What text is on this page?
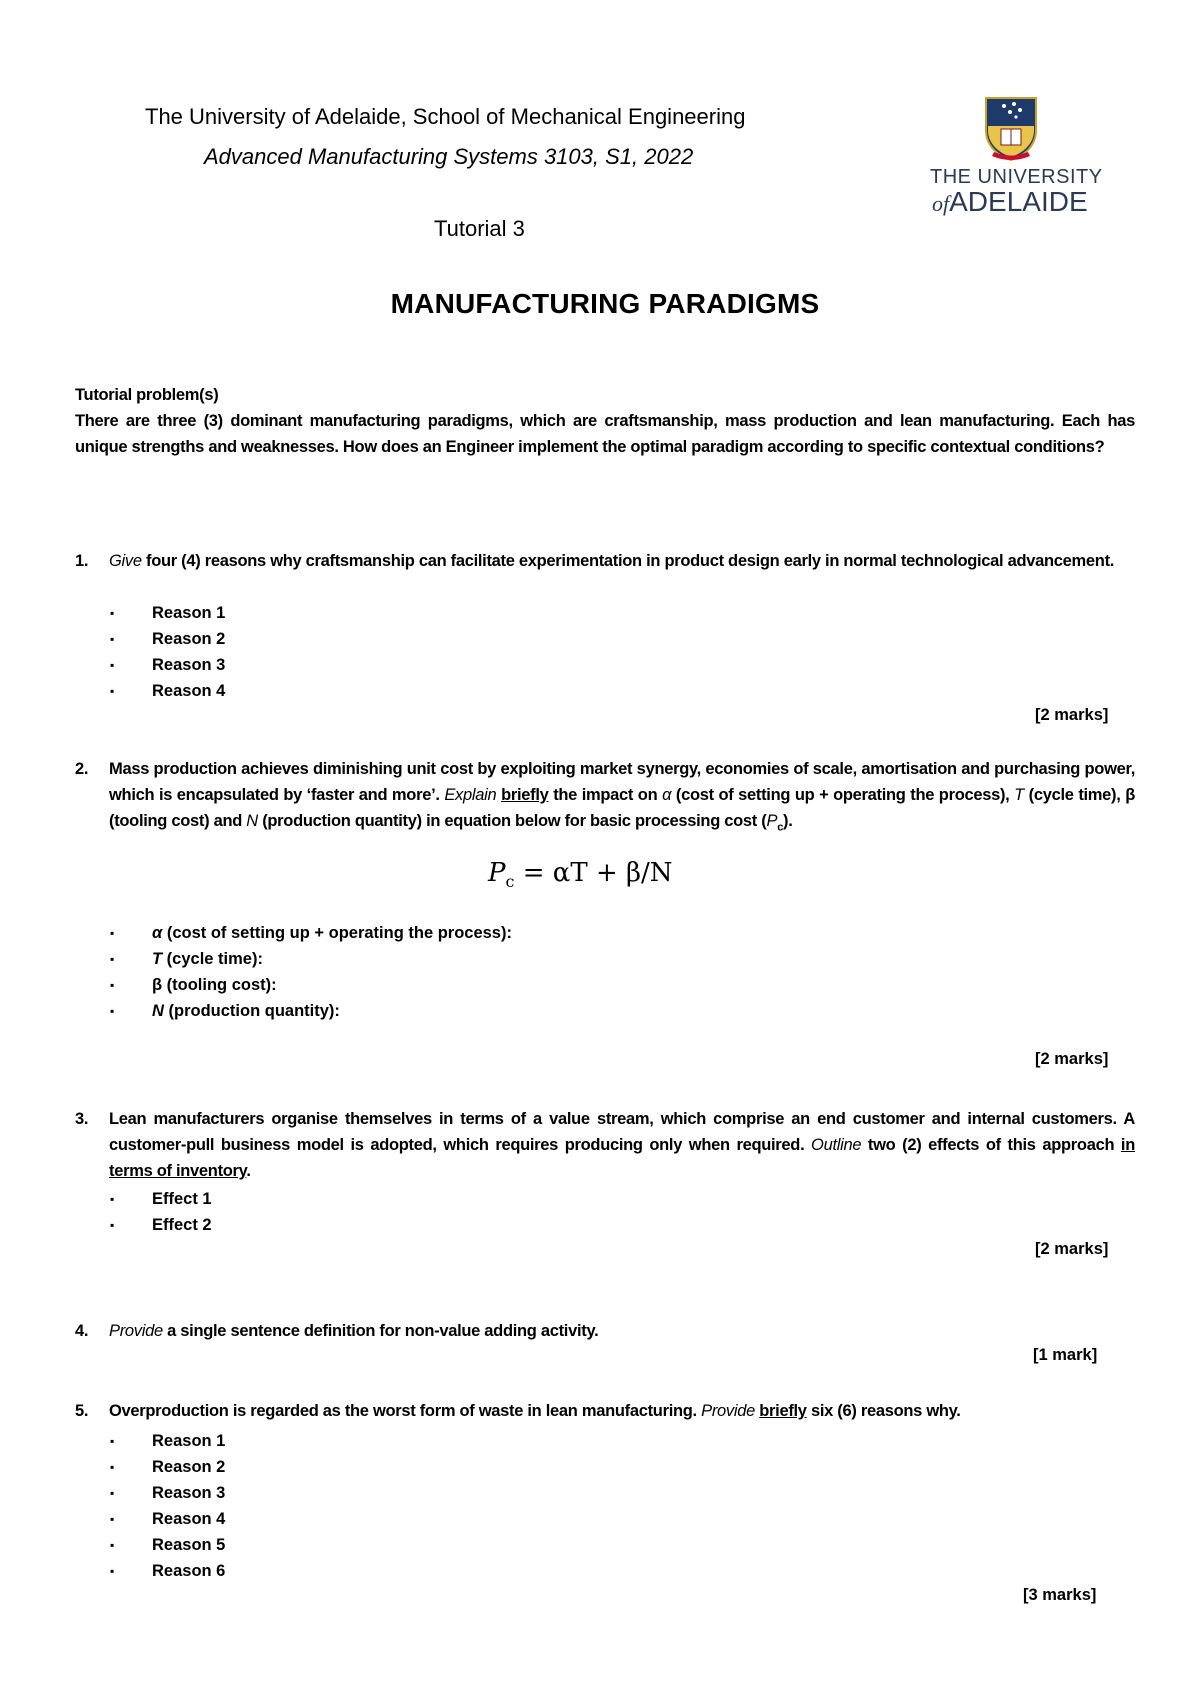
The University of Adelaide, School of Mechanical Engineering
Advanced Manufacturing Systems 3103, S1, 2022
Tutorial 3
THE UNIVERSITY
ofADELAIDE
MANUFACTURING PARADIGMS
Tutorial problem(s)
There are three (3) dominant manufacturing paradigms, which are craftsmanship, mass production and lean manufacturing. Each has unique strengths and weaknesses. How does an Engineer implement the optimal paradigm according to specific contextual conditions?
1. Give four (4) reasons why craftsmanship can facilitate experimentation in product design early in normal technological advancement.
▪ Reason 1
▪ Reason 2
▪ Reason 3
▪ Reason 4
[2 marks]
2. Mass production achieves diminishing unit cost by exploiting market synergy, economies of scale, amortisation and purchasing power, which is encapsulated by ‘faster and more’. Explain briefly the impact on α (cost of setting up + operating the process), T (cycle time), β (tooling cost) and N (production quantity) in equation below for basic processing cost $(P_c)$.
$P_c = \alpha T + \beta/N$
▪ α (cost of setting up + operating the process):
▪ T (cycle time):
▪ β (tooling cost):
▪ N (production quantity):
[2 marks]
3. Lean manufacturers organise themselves in terms of a value stream, which comprise an end customer and internal customers. A customer-pull business model is adopted, which requires producing only when required. Outline two (2) effects of this approach in terms of inventory.
▪ Effect 1
▪ Effect 2
[2 marks]
4. Provide a single sentence definition for non-value adding activity.
[1 mark]
5. Overproduction is regarded as the worst form of waste in lean manufacturing. Provide briefly six (6) reasons why.
▪ Reason 1
▪ Reason 2
▪ Reason 3
▪ Reason 4
▪ Reason 5
▪ Reason 6
[3 marks]
